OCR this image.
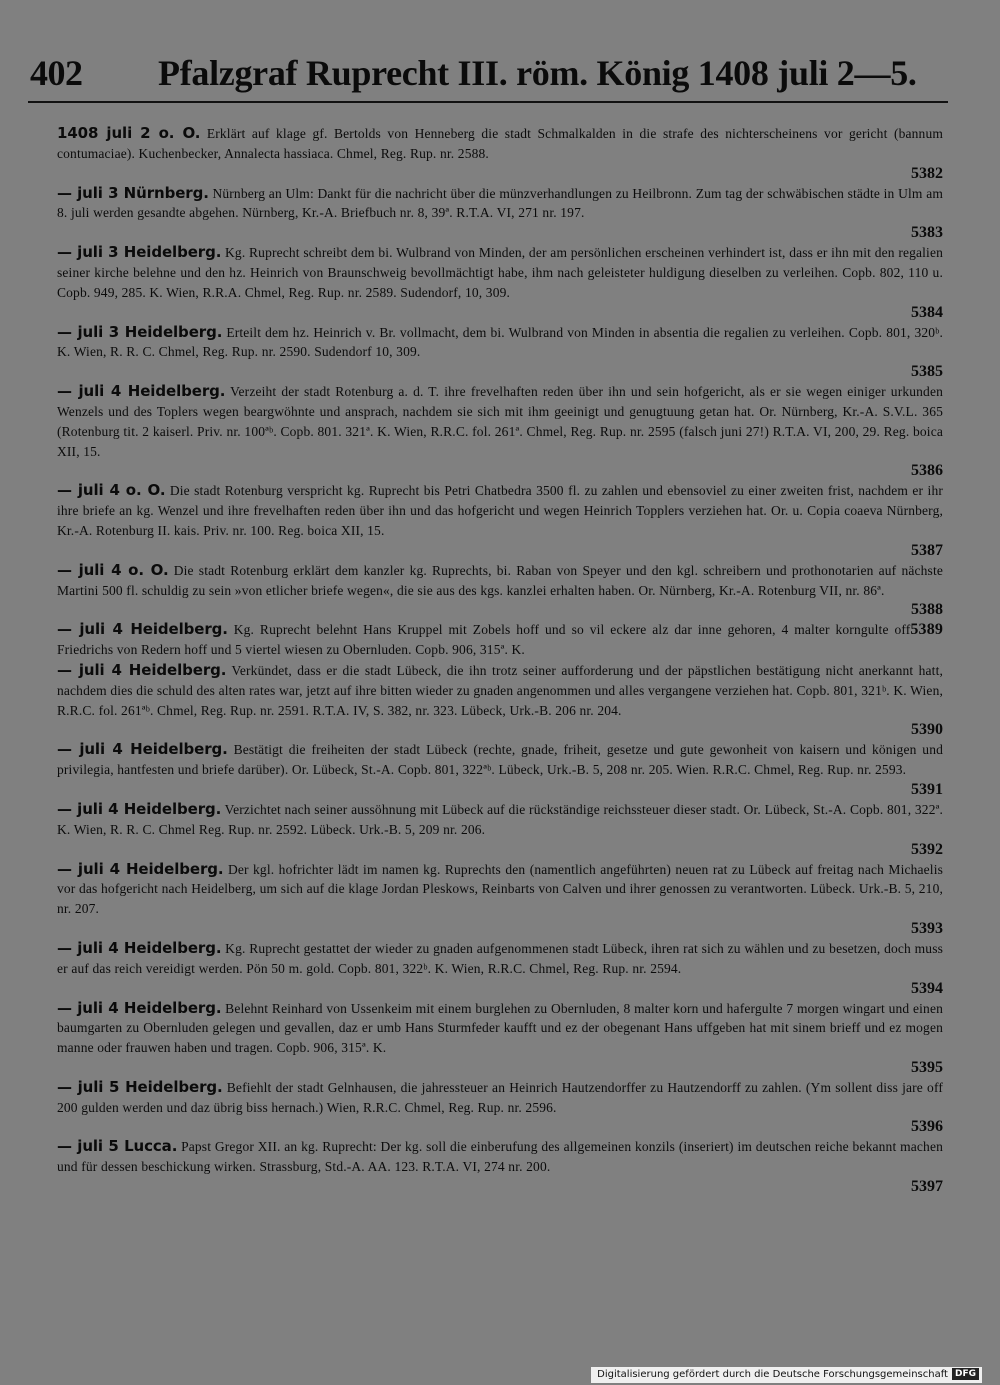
402 Pfalzgraf Ruprecht III. röm. König 1408 juli 2—5.
1408 juli 2 o. O. Erklärt auf klage gf. Bertolds von Henneberg die stadt Schmalkalden in die strafe des nichterscheinens vor gericht (bannum contumaciae). Kuchenbecker, Annalecta hassiaca. Chmel, Reg. Rup. nr. 2588.
5382
— juli 3 Nürnberg. Nürnberg an Ulm: Dankt für die nachricht über die münzverhandlungen zu Heilbronn. Zum tag der schwäbischen städte in Ulm am 8. juli werden gesandte abgehen. Nürnberg, Kr.-A. Briefbuch nr. 8, 39ª. R.T.A. VI, 271 nr. 197.
5383
— juli 3 Heidelberg. Kg. Ruprecht schreibt dem bi. Wulbrand von Minden, der am persönlichen erscheinen verhindert ist, dass er ihn mit den regalien seiner kirche belehne und den hz. Heinrich von Braunschweig bevollmächtigt habe, ihm nach geleisteter huldigung dieselben zu verleihen. Copb. 802, 110 u. Copb. 949, 285. K. Wien, R.R.A. Chmel, Reg. Rup. nr. 2589. Sudendorf, 10, 309.
5384
— juli 3 Heidelberg. Erteilt dem hz. Heinrich v. Br. vollmacht, dem bi. Wulbrand von Minden in absentia die regalien zu verleihen. Copb. 801, 320ᵇ. K. Wien, R. R. C. Chmel, Reg. Rup. nr. 2590. Sudendorf 10, 309.
5385
— juli 4 Heidelberg. Verzeiht der stadt Rotenburg a. d. T. ihre frevelhaften reden über ihn und sein hofgericht, als er sie wegen einiger urkunden Wenzels und des Toplers wegen beargwöhnte und ansprach, nachdem sie sich mit ihm geeinigt und genugtuung getan hat. Or. Nürnberg, Kr.-A. S.V.L. 365 (Rotenburg tit. 2 kaiserl. Priv. nr. 100ªᵇ. Copb. 801. 321ª. K. Wien, R.R.C. fol. 261ª. Chmel, Reg. Rup. nr. 2595 (falsch juni 27!) R.T.A. VI, 200, 29. Reg. boica XII, 15.
5386
— juli 4 o. O. Die stadt Rotenburg verspricht kg. Ruprecht bis Petri Chatbedra 3500 fl. zu zahlen und ebensoviel zu einer zweiten frist, nachdem er ihr ihre briefe an kg. Wenzel und ihre frevelhaften reden über ihn und das hofgericht und wegen Heinrich Topplers verziehen hat. Or. u. Copia coaeva Nürnberg, Kr.-A. Rotenburg II. kais. Priv. nr. 100. Reg. boica XII, 15.
5387
— juli 4 o. O. Die stadt Rotenburg erklärt dem kanzler kg. Ruprechts, bi. Raban von Speyer und den kgl. schreibern und prothonotarien auf nächste Martini 500 fl. schuldig zu sein »von etlicher briefe wegen«, die sie aus des kgs. kanzlei erhalten haben. Or. Nürnberg, Kr.-A. Rotenburg VII, nr. 86ª.
5388
5389
— juli 4 Heidelberg. Kg. Ruprecht belehnt Hans Kruppel mit Zobels hoff und so vil eckere alz dar inne gehoren, 4 malter korngulte off Friedrichs von Redern hoff und 5 viertel wiesen zu Obernluden. Copb. 906, 315ª. K.
— juli 4 Heidelberg. Verkündet, dass er die stadt Lübeck, die ihn trotz seiner aufforderung und der päpstlichen bestätigung nicht anerkannt hatt, nachdem dies die schuld des alten rates war, jetzt auf ihre bitten wieder zu gnaden angenommen und alles vergangene verziehen hat. Copb. 801, 321ᵇ. K. Wien, R.R.C. fol. 261ªᵇ. Chmel, Reg. Rup. nr. 2591. R.T.A. IV, S. 382, nr. 323. Lübeck, Urk.-B. 206 nr. 204.
5390
— juli 4 Heidelberg. Bestätigt die freiheiten der stadt Lübeck (rechte, gnade, friheit, gesetze und gute gewonheit von kaisern und königen und privilegia, hantfesten und briefe darüber). Or. Lübeck, St.-A. Copb. 801, 322ªᵇ. Lübeck, Urk.-B. 5, 208 nr. 205. Wien. R.R.C. Chmel, Reg. Rup. nr. 2593.
5391
— juli 4 Heidelberg. Verzichtet nach seiner aussöhnung mit Lübeck auf die rückständige reichssteuer dieser stadt. Or. Lübeck, St.-A. Copb. 801, 322ª. K. Wien, R. R. C. Chmel Reg. Rup. nr. 2592. Lübeck. Urk.-B. 5, 209 nr. 206.
5392
— juli 4 Heidelberg. Der kgl. hofrichter lädt im namen kg. Ruprechts den (namentlich angeführten) neuen rat zu Lübeck auf freitag nach Michaelis vor das hofgericht nach Heidelberg, um sich auf die klage Jordan Pleskows, Reinbarts von Calven und ihrer genossen zu verantworten. Lübeck. Urk.-B. 5, 210, nr. 207.
5393
— juli 4 Heidelberg. Kg. Ruprecht gestattet der wieder zu gnaden aufgenommenen stadt Lübeck, ihren rat sich zu wählen und zu besetzen, doch muss er auf das reich vereidigt werden. Pön 50 m. gold. Copb. 801, 322ᵇ. K. Wien, R.R.C. Chmel, Reg. Rup. nr. 2594.
5394
— juli 4 Heidelberg. Belehnt Reinhard von Ussenkeim mit einem burglehen zu Obernluden, 8 malter korn und hafergulte 7 morgen wingart und einen baumgarten zu Obernluden gelegen und gevallen, daz er umb Hans Sturmfeder kaufft und ez der obegenant Hans uffgeben hat mit sinem brieff und ez mogen manne oder frauwen haben und tragen. Copb. 906, 315ª. K.
5395
— juli 5 Heidelberg. Befiehlt der stadt Gelnhausen, die jahressteuer an Heinrich Hautzendorffer zu Hautzendorff zu zahlen. (Ym sollent diss jare off 200 gulden werden und daz übrig biss hernach.) Wien, R.R.C. Chmel, Reg. Rup. nr. 2596.
5396
— juli 5 Lucca. Papst Gregor XII. an kg. Ruprecht: Der kg. soll die einberufung des allgemeinen konzils (inseriert) im deutschen reiche bekannt machen und für dessen beschickung wirken. Strassburg, Std.-A. AA. 123. R.T.A. VI, 274 nr. 200.
5397
Digitalisierung gefördert durch die Deutsche Forschungsgemeinschaft DFG
